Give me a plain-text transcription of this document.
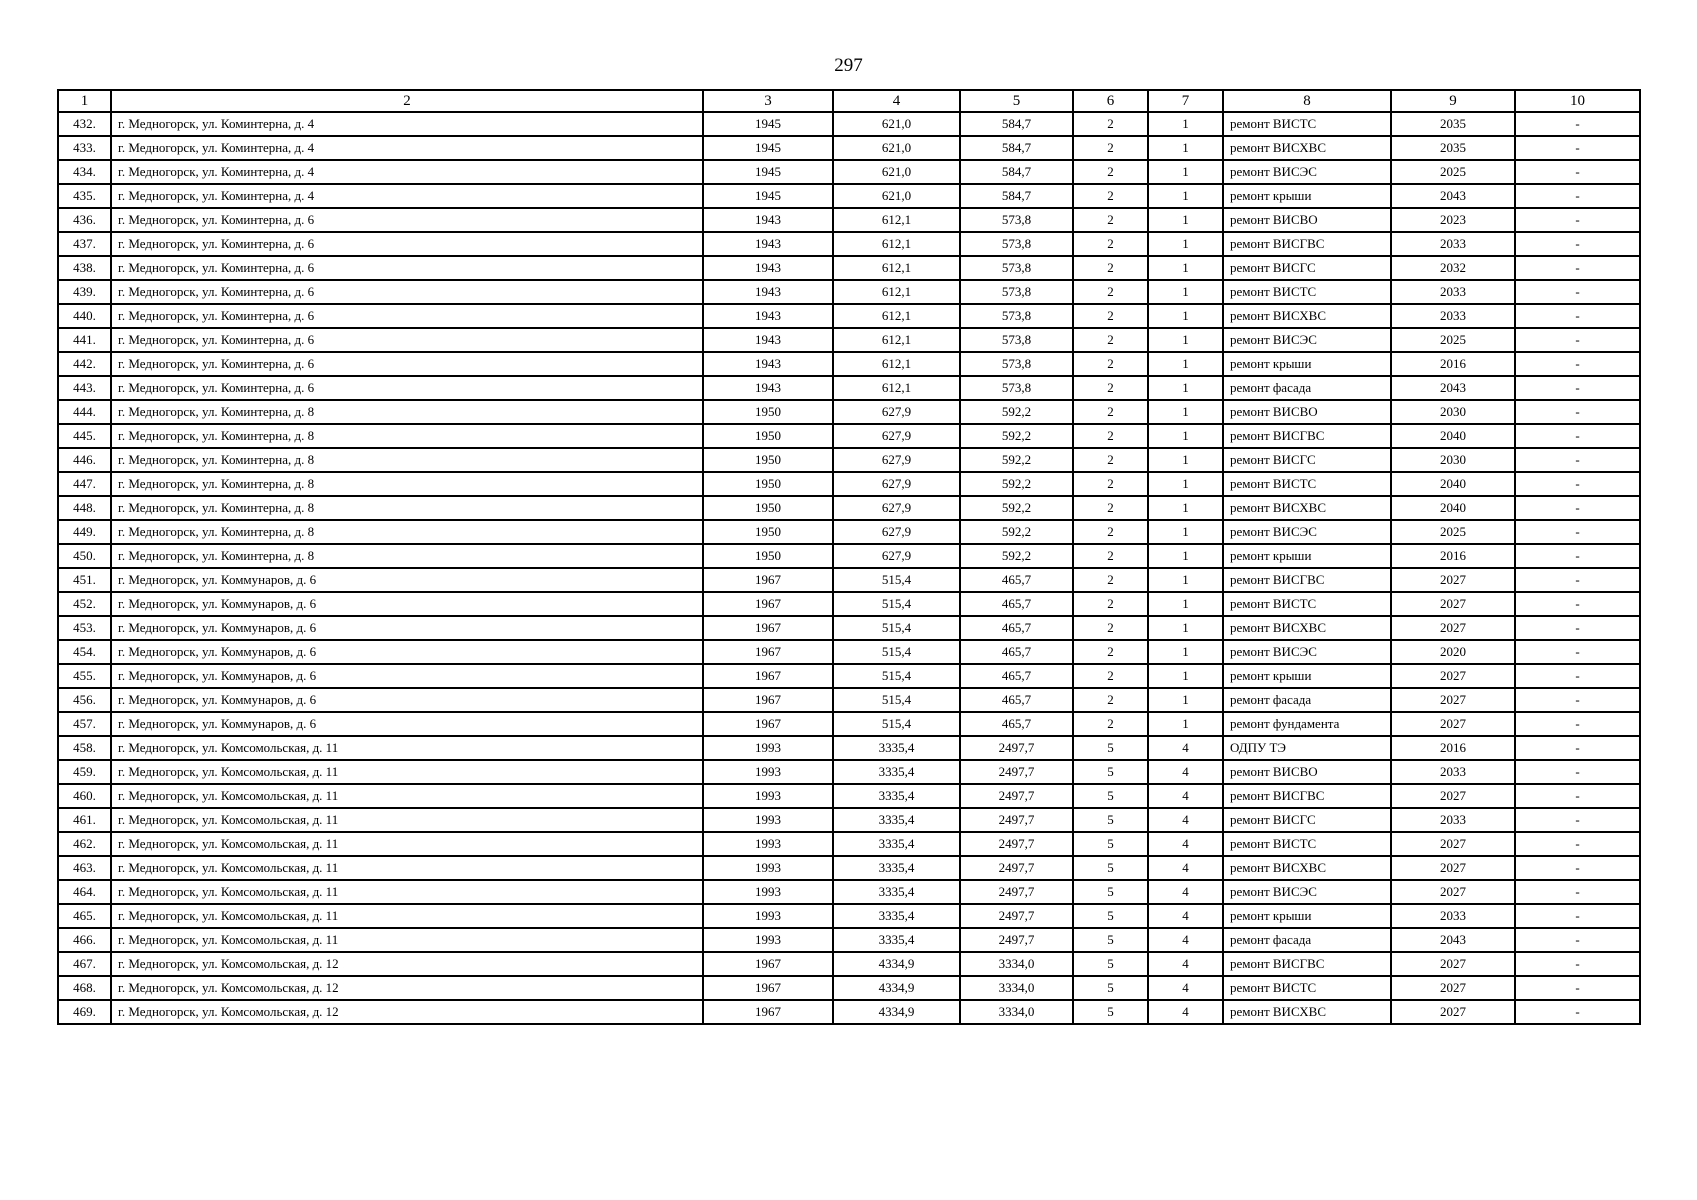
297
1	2	3	4	5	6	7	8	9	10
432.	г. Медногорск, ул. Коминтерна, д. 4	1945	621,0	584,7	2	1	ремонт ВИСТС	2035	-
433.	г. Медногорск, ул. Коминтерна, д. 4	1945	621,0	584,7	2	1	ремонт ВИСХВС	2035	-
434.	г. Медногорск, ул. Коминтерна, д. 4	1945	621,0	584,7	2	1	ремонт ВИСЭС	2025	-
435.	г. Медногорск, ул. Коминтерна, д. 4	1945	621,0	584,7	2	1	ремонт крыши	2043	-
436.	г. Медногорск, ул. Коминтерна, д. 6	1943	612,1	573,8	2	1	ремонт ВИСВО	2023	-
437.	г. Медногорск, ул. Коминтерна, д. 6	1943	612,1	573,8	2	1	ремонт ВИСГВС	2033	-
438.	г. Медногорск, ул. Коминтерна, д. 6	1943	612,1	573,8	2	1	ремонт ВИСГС	2032	-
439.	г. Медногорск, ул. Коминтерна, д. 6	1943	612,1	573,8	2	1	ремонт ВИСТС	2033	-
440.	г. Медногорск, ул. Коминтерна, д. 6	1943	612,1	573,8	2	1	ремонт ВИСХВС	2033	-
441.	г. Медногорск, ул. Коминтерна, д. 6	1943	612,1	573,8	2	1	ремонт ВИСЭС	2025	-
442.	г. Медногорск, ул. Коминтерна, д. 6	1943	612,1	573,8	2	1	ремонт крыши	2016	-
443.	г. Медногорск, ул. Коминтерна, д. 6	1943	612,1	573,8	2	1	ремонт фасада	2043	-
444.	г. Медногорск, ул. Коминтерна, д. 8	1950	627,9	592,2	2	1	ремонт ВИСВО	2030	-
445.	г. Медногорск, ул. Коминтерна, д. 8	1950	627,9	592,2	2	1	ремонт ВИСГВС	2040	-
446.	г. Медногорск, ул. Коминтерна, д. 8	1950	627,9	592,2	2	1	ремонт ВИСГС	2030	-
447.	г. Медногорск, ул. Коминтерна, д. 8	1950	627,9	592,2	2	1	ремонт ВИСТС	2040	-
448.	г. Медногорск, ул. Коминтерна, д. 8	1950	627,9	592,2	2	1	ремонт ВИСХВС	2040	-
449.	г. Медногорск, ул. Коминтерна, д. 8	1950	627,9	592,2	2	1	ремонт ВИСЭС	2025	-
450.	г. Медногорск, ул. Коминтерна, д. 8	1950	627,9	592,2	2	1	ремонт крыши	2016	-
451.	г. Медногорск, ул. Коммунаров, д. 6	1967	515,4	465,7	2	1	ремонт ВИСГВС	2027	-
452.	г. Медногорск, ул. Коммунаров, д. 6	1967	515,4	465,7	2	1	ремонт ВИСТС	2027	-
453.	г. Медногорск, ул. Коммунаров, д. 6	1967	515,4	465,7	2	1	ремонт ВИСХВС	2027	-
454.	г. Медногорск, ул. Коммунаров, д. 6	1967	515,4	465,7	2	1	ремонт ВИСЭС	2020	-
455.	г. Медногорск, ул. Коммунаров, д. 6	1967	515,4	465,7	2	1	ремонт крыши	2027	-
456.	г. Медногорск, ул. Коммунаров, д. 6	1967	515,4	465,7	2	1	ремонт фасада	2027	-
457.	г. Медногорск, ул. Коммунаров, д. 6	1967	515,4	465,7	2	1	ремонт фундамента	2027	-
458.	г. Медногорск, ул. Комсомольская, д. 11	1993	3335,4	2497,7	5	4	ОДПУ ТЭ	2016	-
459.	г. Медногорск, ул. Комсомольская, д. 11	1993	3335,4	2497,7	5	4	ремонт ВИСВО	2033	-
460.	г. Медногорск, ул. Комсомольская, д. 11	1993	3335,4	2497,7	5	4	ремонт ВИСГВС	2027	-
461.	г. Медногорск, ул. Комсомольская, д. 11	1993	3335,4	2497,7	5	4	ремонт ВИСГС	2033	-
462.	г. Медногорск, ул. Комсомольская, д. 11	1993	3335,4	2497,7	5	4	ремонт ВИСТС	2027	-
463.	г. Медногорск, ул. Комсомольская, д. 11	1993	3335,4	2497,7	5	4	ремонт ВИСХВС	2027	-
464.	г. Медногорск, ул. Комсомольская, д. 11	1993	3335,4	2497,7	5	4	ремонт ВИСЭС	2027	-
465.	г. Медногорск, ул. Комсомольская, д. 11	1993	3335,4	2497,7	5	4	ремонт крыши	2033	-
466.	г. Медногорск, ул. Комсомольская, д. 11	1993	3335,4	2497,7	5	4	ремонт фасада	2043	-
467.	г. Медногорск, ул. Комсомольская, д. 12	1967	4334,9	3334,0	5	4	ремонт ВИСГВС	2027	-
468.	г. Медногорск, ул. Комсомольская, д. 12	1967	4334,9	3334,0	5	4	ремонт ВИСТС	2027	-
469.	г. Медногорск, ул. Комсомольская, д. 12	1967	4334,9	3334,0	5	4	ремонт ВИСХВС	2027	-
